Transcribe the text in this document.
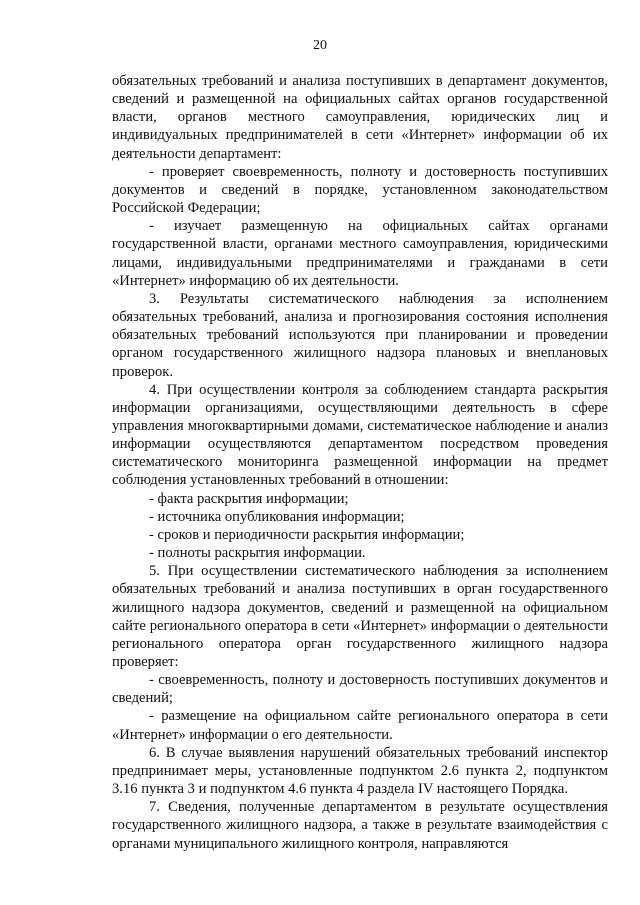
20

обязательных требований и анализа поступивших в департамент документов, сведений и размещенной на официальных сайтах органов государственной власти, органов местного самоуправления, юридических лиц и индивидуальных предпринимателей в сети «Интернет» информации об их деятельности департамент:

- проверяет своевременность, полноту и достоверность поступивших документов и сведений в порядке, установленном законодательством Российской Федерации;

- изучает размещенную на официальных сайтах органами государственной власти, органами местного самоуправления, юридическими лицами, индивидуальными предпринимателями и гражданами в сети «Интернет» информацию об их деятельности.

3. Результаты систематического наблюдения за исполнением обязательных требований, анализа и прогнозирования состояния исполнения обязательных требований используются при планировании и проведении органом государственного жилищного надзора плановых и внеплановых проверок.

4. При осуществлении контроля за соблюдением стандарта раскрытия информации организациями, осуществляющими деятельность в сфере управления многоквартирными домами, систематическое наблюдение и анализ информации осуществляются департаментом посредством проведения систематического мониторинга размещенной информации на предмет соблюдения установленных требований в отношении:

- факта раскрытия информации;

- источника опубликования информации;

- сроков и периодичности раскрытия информации;

- полноты раскрытия информации.

5. При осуществлении систематического наблюдения за исполнением обязательных требований и анализа поступивших в орган государственного жилищного надзора документов, сведений и размещенной на официальном сайте регионального оператора в сети «Интернет» информации о деятельности регионального оператора орган государственного жилищного надзора проверяет:

- своевременность, полноту и достоверность поступивших документов и сведений;

- размещение на официальном сайте регионального оператора в сети «Интернет» информации о его деятельности.

6. В случае выявления нарушений обязательных требований инспектор предпринимает меры, установленные подпунктом 2.6 пункта 2, подпунктом 3.16 пункта 3 и подпунктом 4.6 пункта 4 раздела IV настоящего Порядка.

7. Сведения, полученные департаментом в результате осуществления государственного жилищного надзора, а также в результате взаимодействия с органами муниципального жилищного контроля, направляются
